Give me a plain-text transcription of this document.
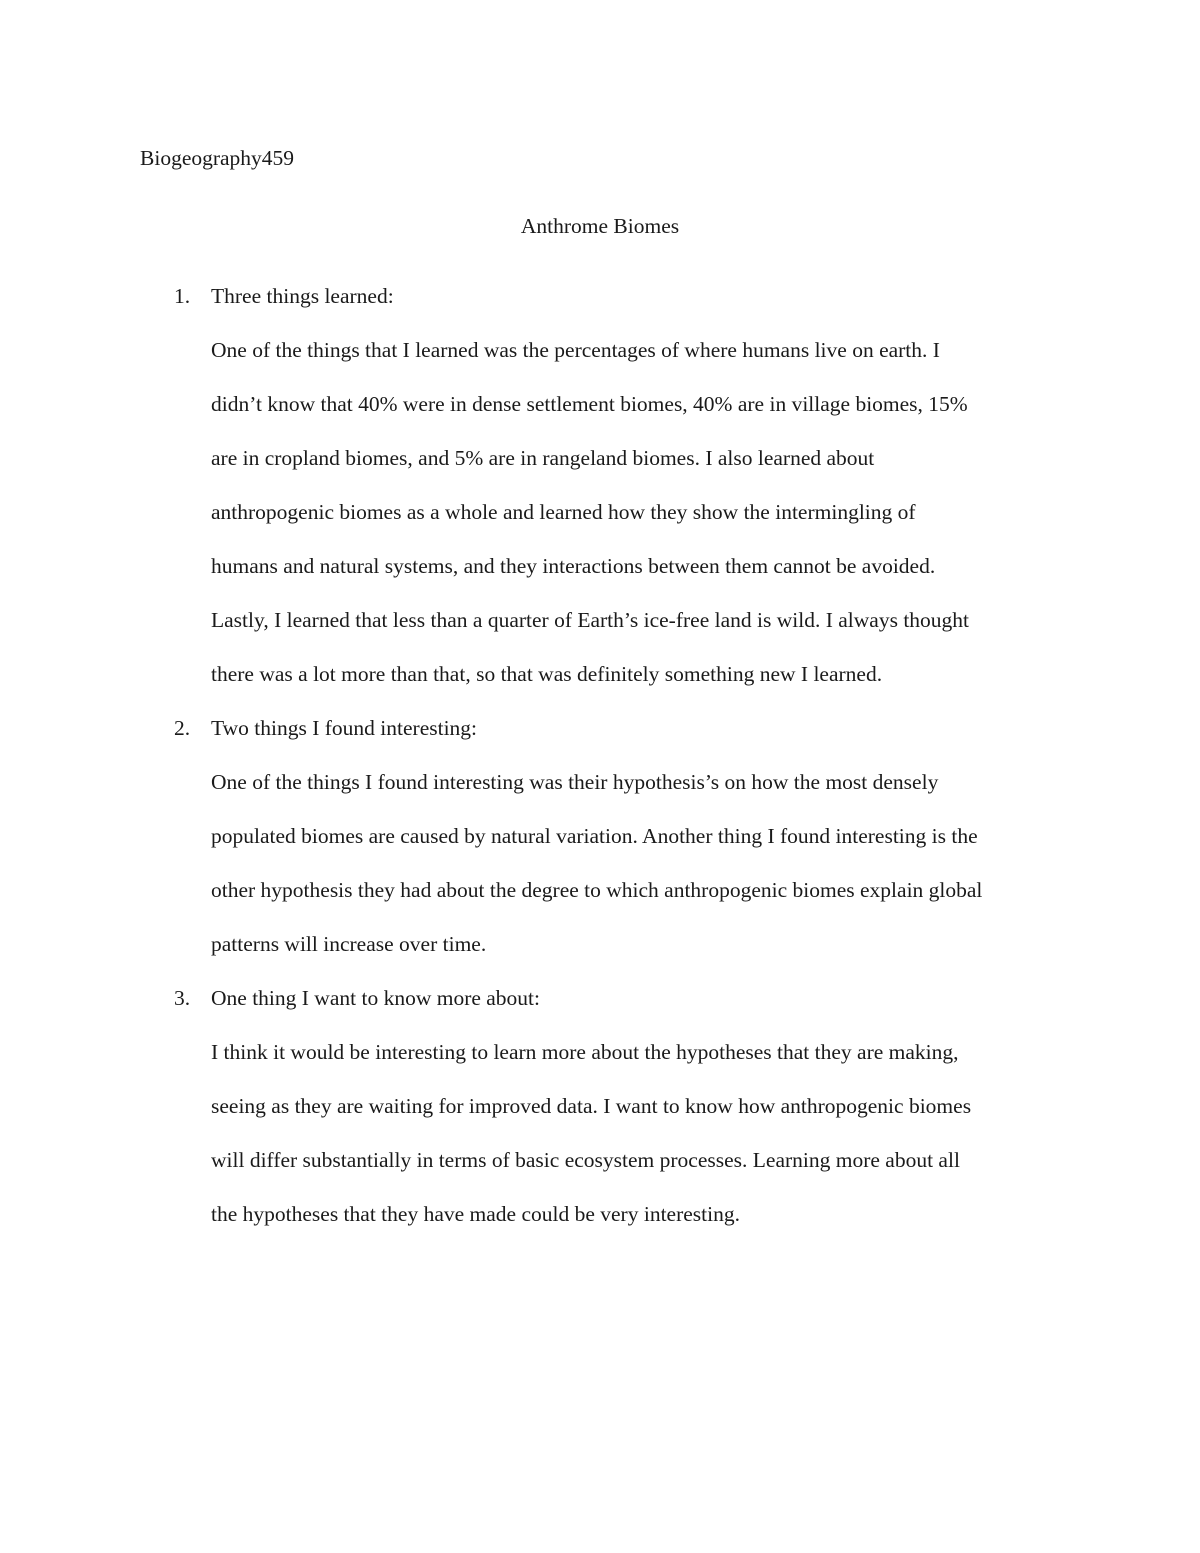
Biogeography459
Anthrome Biomes
1. Three things learned:
One of the things that I learned was the percentages of where humans live on earth. I
didn’t know that 40% were in dense settlement biomes, 40% are in village biomes, 15%
are in cropland biomes, and 5% are in rangeland biomes. I also learned about
anthropogenic biomes as a whole and learned how they show the intermingling of
humans and natural systems, and they interactions between them cannot be avoided.
Lastly, I learned that less than a quarter of Earth’s ice-free land is wild. I always thought
there was a lot more than that, so that was definitely something new I learned.
2. Two things I found interesting:
One of the things I found interesting was their hypothesis’s on how the most densely
populated biomes are caused by natural variation. Another thing I found interesting is the
other hypothesis they had about the degree to which anthropogenic biomes explain global
patterns will increase over time.
3. One thing I want to know more about:
I think it would be interesting to learn more about the hypotheses that they are making,
seeing as they are waiting for improved data. I want to know how anthropogenic biomes
will differ substantially in terms of basic ecosystem processes. Learning more about all
the hypotheses that they have made could be very interesting.
